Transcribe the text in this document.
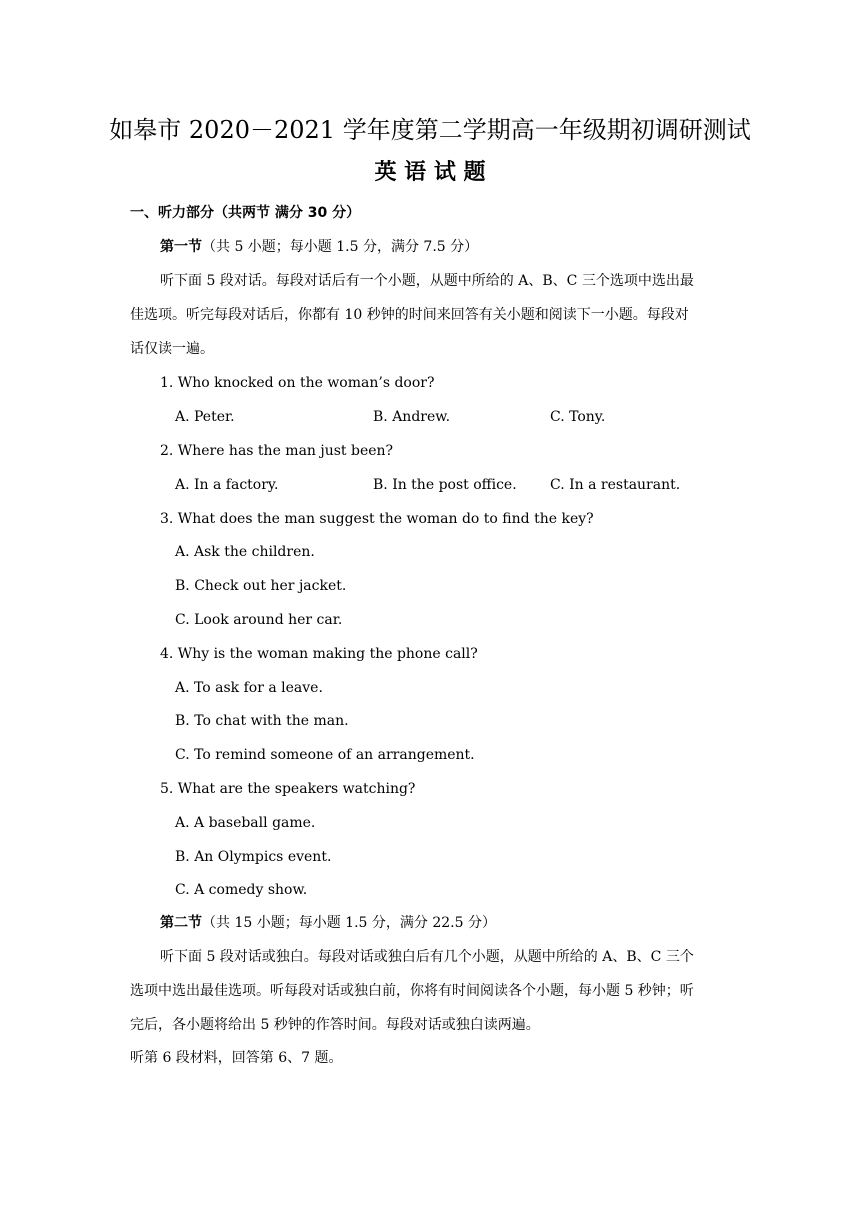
如皋市 2020－2021 学年度第二学期高一年级期初调研测试
英 语 试 题
一、听力部分（共两节 满分 30 分）
第一节（共 5 小题；每小题 1.5 分，满分 7.5 分）
听下面 5 段对话。每段对话后有一个小题，从题中所给的 A、B、C 三个选项中选出最
佳选项。听完每段对话后，你都有 10 秒钟的时间来回答有关小题和阅读下一小题。每段对
话仅读一遍。
1. Who knocked on the woman’s door?
A. Peter.	B. Andrew.	C. Tony.
2. Where has the man just been?
A. In a factory.	B. In the post office. C. In a restaurant.
3. What does the man suggest the woman do to find the key?
A. Ask the children.
B. Check out her jacket.
C. Look around her car.
4. Why is the woman making the phone call?
A. To ask for a leave.
B. To chat with the man.
C. To remind someone of an arrangement.
5. What are the speakers watching?
A. A baseball game.
B. An Olympics event.
C. A comedy show.
第二节（共 15 小题；每小题 1.5 分，满分 22.5 分）
听下面 5 段对话或独白。每段对话或独白后有几个小题，从题中所给的 A、B、C 三个
选项中选出最佳选项。听每段对话或独白前，你将有时间阅读各个小题，每小题 5 秒钟；听
完后，各小题将给出 5 秒钟的作答时间。每段对话或独白读两遍。
听第 6 段材料，回答第 6、7 题。
